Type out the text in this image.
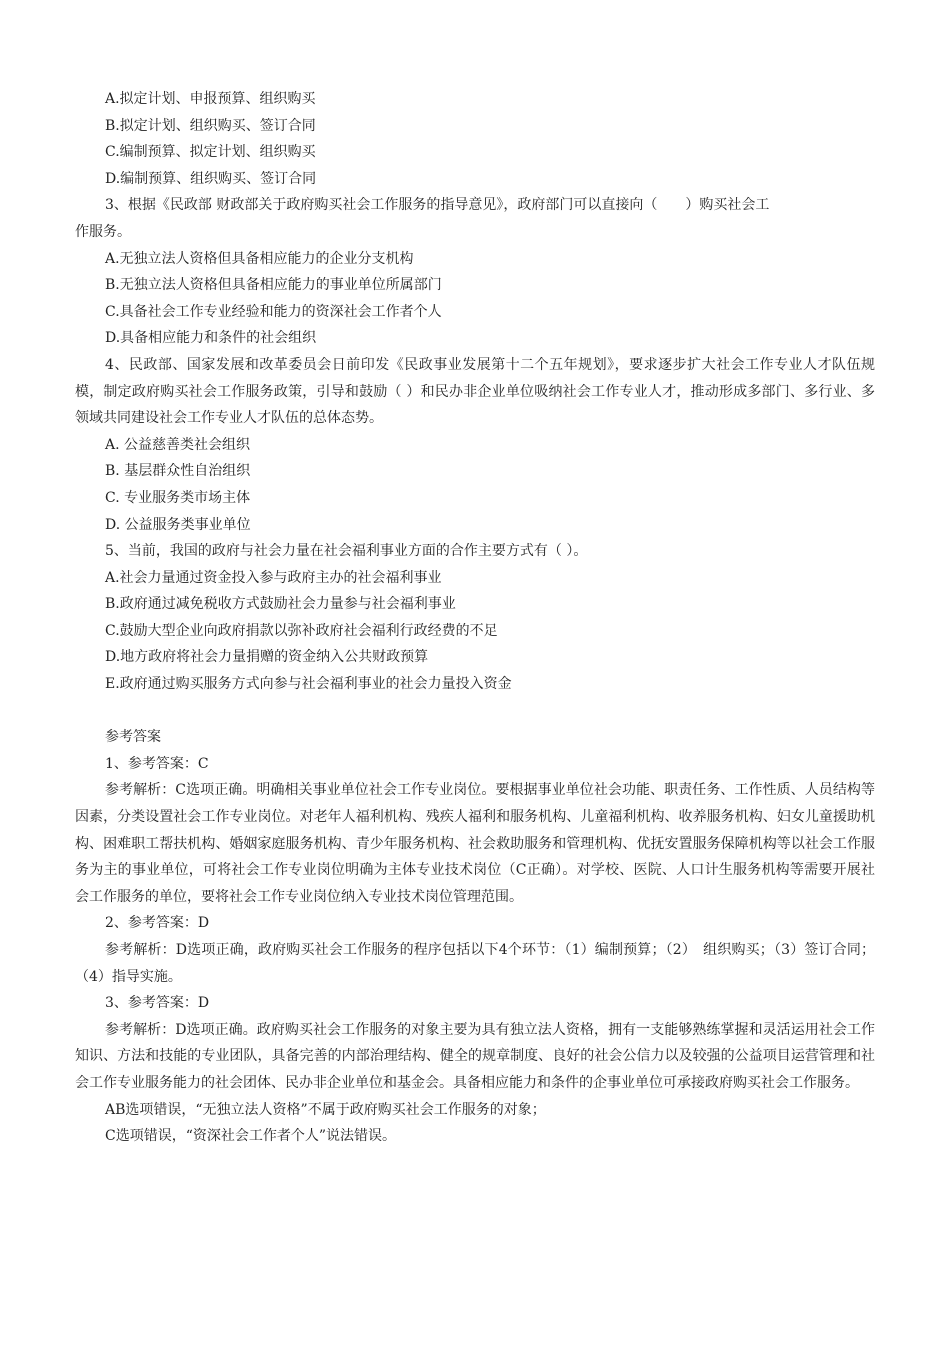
A.拟定计划、申报预算、组织购买
B.拟定计划、组织购买、签订合同
C.编制预算、拟定计划、组织购买
D.编制预算、组织购买、签订合同
3、根据《民政部 财政部关于政府购买社会工作服务的指导意见》，政府部门可以直接向（　　）购买社会工
作服务。
A.无独立法人资格但具备相应能力的企业分支机构
B.无独立法人资格但具备相应能力的事业单位所属部门
C.具备社会工作专业经验和能力的资深社会工作者个人
D.具备相应能力和条件的社会组织
4、民政部、国家发展和改革委员会日前印发《民政事业发展第十二个五年规划》，要求逐步扩大社会工作专业人才队伍规模，制定政府购买社会工作服务政策，引导和鼓励（ ）和民办非企业单位吸纳社会工作专业人才，推动形成多部门、多行业、多领域共同建设社会工作专业人才队伍的总体态势。
A. 公益慈善类社会组织
B. 基层群众性自治组织
C. 专业服务类市场主体
D. 公益服务类事业单位
5、当前，我国的政府与社会力量在社会福利事业方面的合作主要方式有（ ）。
A.社会力量通过资金投入参与政府主办的社会福利事业
B.政府通过减免税收方式鼓励社会力量参与社会福利事业
C.鼓励大型企业向政府捐款以弥补政府社会福利行政经费的不足
D.地方政府将社会力量捐赠的资金纳入公共财政预算
E.政府通过购买服务方式向参与社会福利事业的社会力量投入资金
参考答案
1、参考答案：C
参考解析：C选项正确。明确相关事业单位社会工作专业岗位。要根据事业单位社会功能、职责任务、工作性质、人员结构等因素，分类设置社会工作专业岗位。对老年人福利机构、残疾人福利和服务机构、儿童福利机构、收养服务机构、妇女儿童援助机构、困难职工帮扶机构、婚姻家庭服务机构、青少年服务机构、社会救助服务和管理机构、优抚安置服务保障机构等以社会工作服务为主的事业单位，可将社会工作专业岗位明确为主体专业技术岗位（C正确）。对学校、医院、人口计生服务机构等需要开展社会工作服务的单位，要将社会工作专业岗位纳入专业技术岗位管理范围。
2、参考答案：D
参考解析：D选项正确，政府购买社会工作服务的程序包括以下4个环节：（1）编制预算；（2）　组织购买；（3）签订合同；（4）指导实施。
3、参考答案：D
参考解析：D选项正确。政府购买社会工作服务的对象主要为具有独立法人资格，拥有一支能够熟练掌握和灵活运用社会工作知识、方法和技能的专业团队，具备完善的内部治理结构、健全的规章制度、良好的社会公信力以及较强的公益项目运营管理和社会工作专业服务能力的社会团体、民办非企业单位和基金会。具备相应能力和条件的企事业单位可承接政府购买社会工作服务。
AB选项错误，“无独立法人资格”不属于政府购买社会工作服务的对象；
C选项错误，“资深社会工作者个人”说法错误。
